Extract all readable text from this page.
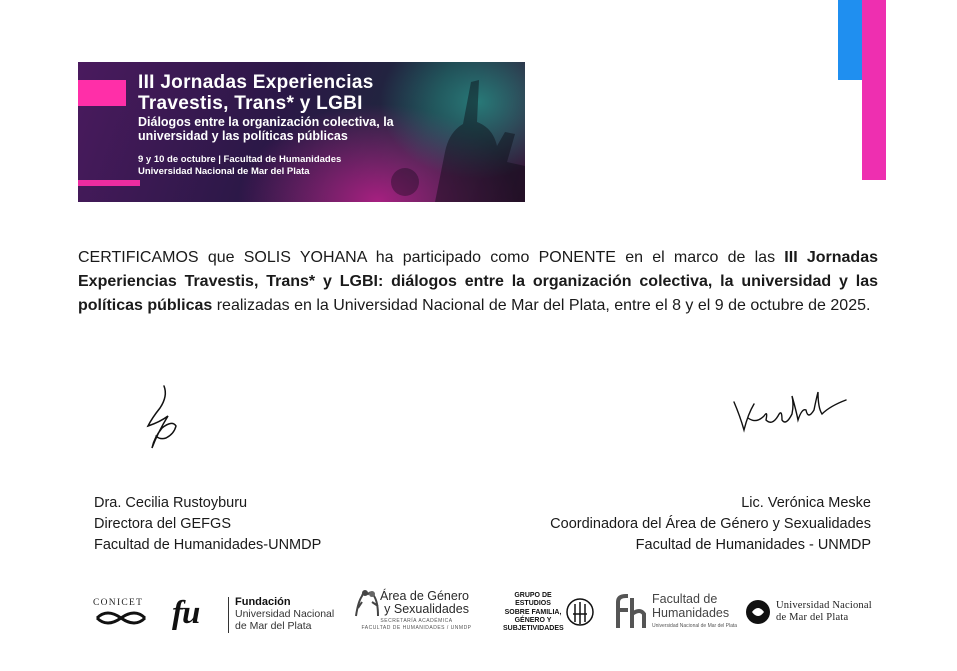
III Jornadas Experiencias
Travestis, Trans* y LGBI
Diálogos entre la organización colectiva, la
universidad y las políticas públicas
9 y 10 de octubre | Facultad de Humanidades
Universidad Nacional de Mar del Plata
CERTIFICAMOS que SOLIS YOHANA ha participado como PONENTE en el marco de las III Jornadas Experiencias Travestis, Trans* y LGBI: diálogos entre la organización colectiva, la universidad y las políticas públicas realizadas en la Universidad Nacional de Mar del Plata, entre el 8 y el 9 de octubre de 2025.
Dra. Cecilia Rustoyburu
Directora del GEFGS
Facultad de Humanidades-UNMDP
Lic. Verónica Meske
Coordinadora del Área de Género y Sexualidades
Facultad de Humanidades - UNMDP
CONICET fu	Fundación
Universidad Nacional
de Mar del Plata
Área de Género
y Sexualidades
SECRETARÍA ACADÉMICA
FACULTAD DE HUMANIDADES / UNMDP
GRUPO DE ESTUDIOS
SOBRE FAMILIA,
GÉNERO Y
SUBJETIVIDADES
Facultad de
Humanidades
Universidad Nacional de Mar del Plata
Universidad Nacional
de Mar del Plata
